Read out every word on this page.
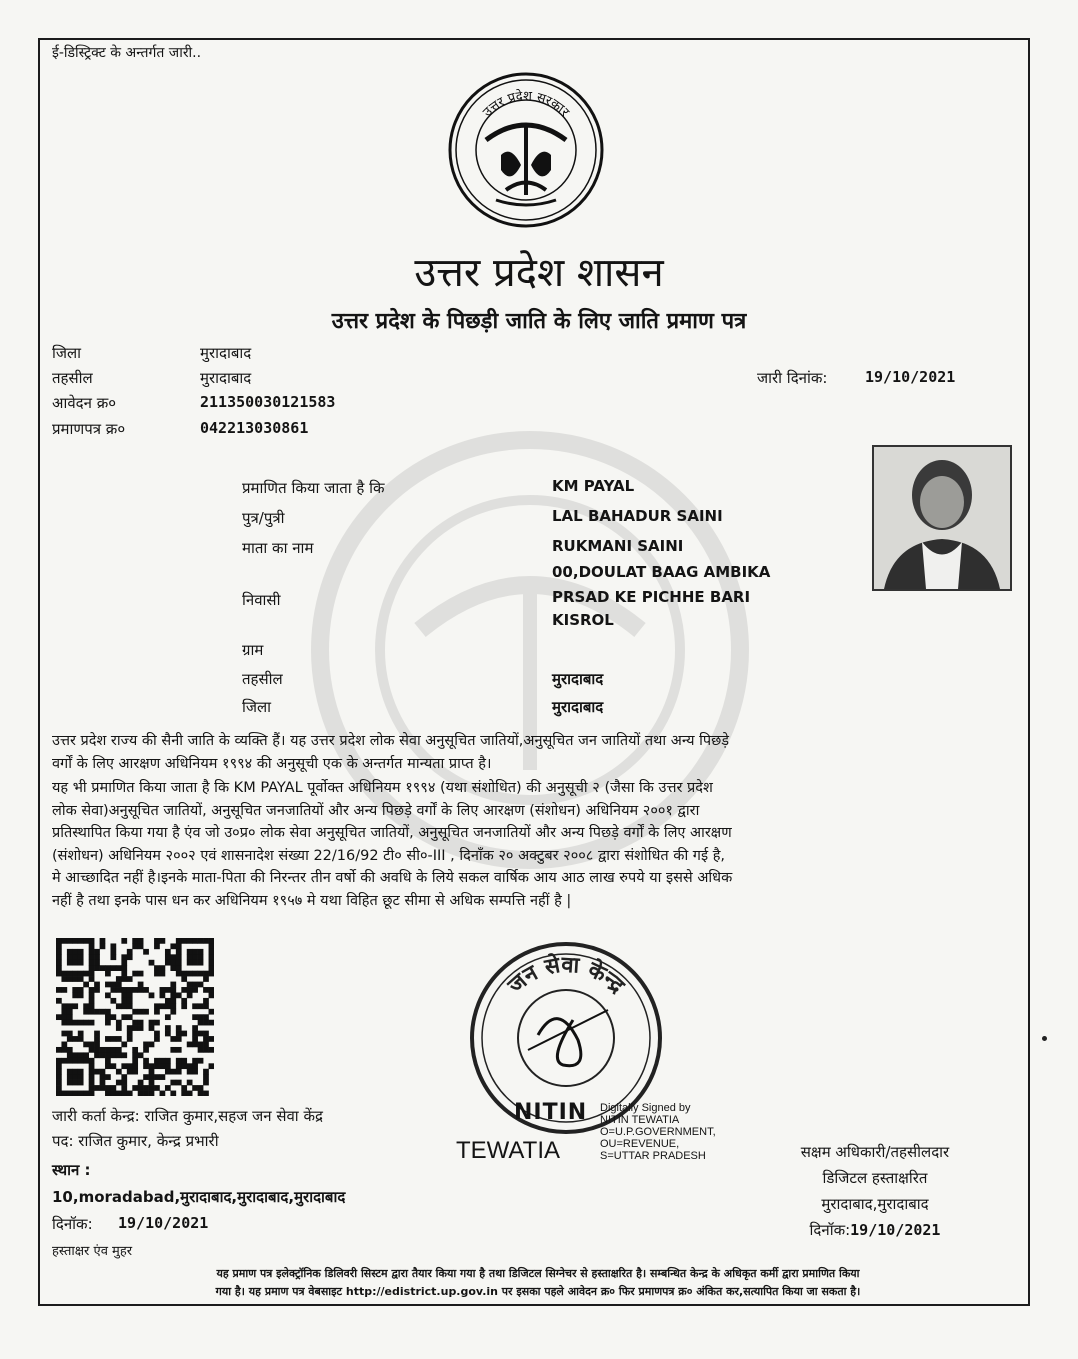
ई-डिस्ट्रिक्ट के अन्तर्गत जारी..
उत्तर प्रदेश सरकार
उत्तर प्रदेश शासन
उत्तर प्रदेश के पिछड़ी जाति के लिए जाति प्रमाण पत्र
जिला	मुरादाबाद
तहसील	मुरादाबाद
आवेदन क्र०	211350030121583
प्रमाणपत्र क्र०	042213030861
जारी दिनांक:	19/10/2021
प्रमाणित किया जाता है कि	KM PAYAL
पुत्र/पुत्री	LAL BAHADUR SAINI
माता का नाम	RUKMANI SAINI
00,DOULAT BAAG AMBIKA
निवासी	PRSAD KE PICHHE BARI
KISROL
ग्राम
तहसील	मुरादाबाद
जिला	मुरादाबाद
उत्तर प्रदेश राज्य की सैनी जाति के व्यक्ति हैं। यह उत्तर प्रदेश लोक सेवा अनुसूचित जातियों,अनुसूचित जन जातियों तथा अन्य पिछड़े
वर्गों के लिए आरक्षण अधिनियम १९९४ की अनुसूची एक के अन्तर्गत मान्यता प्राप्त है।
यह भी प्रमाणित किया जाता है कि KM PAYAL पूर्वोक्त अधिनियम १९९४ (यथा संशोधित) की अनुसूची २ (जैसा कि उत्तर प्रदेश
लोक सेवा)अनुसूचित जातियों, अनुसूचित जनजातियों और अन्य पिछड़े वर्गों के लिए आरक्षण (संशोधन) अधिनियम २००१ द्वारा
प्रतिस्थापित किया गया है एंव जो उ०प्र० लोक सेवा अनुसूचित जातियों, अनुसूचित जनजातियों और अन्य पिछड़े वर्गों के लिए आरक्षण
(संशोधन) अधिनियम २००२ एवं शासनादेश संख्या 22/16/92 टी० सी०-III , दिनाँक २० अक्टुबर २००८ द्वारा संशोधित की गई है,
मे आच्छादित नहीं है।इनके माता-पिता की निरन्तर तीन वर्षो की अवधि के लिये सकल वार्षिक आय आठ लाख रुपये या इससे अधिक
नहीं है तथा इनके पास धन कर अधिनियम १९५७ मे यथा विहित छूट सीमा से अधिक सम्पत्ति नहीं है |
जन सेवा केन्द्र
NITIN
TEWATIA
Digitally Signed by
NITIN TEWATIA
O=U.P.GOVERNMENT,
OU=REVENUE,
S=UTTAR PRADESH
जारी कर्ता केन्द्र: राजित कुमार,सहज जन सेवा केंद्र
पद: राजित कुमार, केन्द्र प्रभारी
स्थान :
10,moradabad,मुरादाबाद,मुरादाबाद,मुरादाबाद
दिनॉक: 19/10/2021
हस्ताक्षर एंव मुहर
सक्षम अधिकारी/तहसीलदार
डिजिटल हस्ताक्षरित
मुरादाबाद,मुरादाबाद
दिनॉक:19/10/2021
यह प्रमाण पत्र इलेक्ट्रॉनिक डिलिवरी सिस्टम द्वारा तैयार किया गया है तथा डिजिटल सिग्नेचर से हस्ताक्षरित है। सम्बन्धित केन्द्र के अधिकृत कर्मी द्वारा प्रमाणित किया
गया है। यह प्रमाण पत्र वेबसाइट http://edistrict.up.gov.in पर इसका पहले आवेदन क्र० फिर प्रमाणपत्र क्र० अंकित कर,सत्यापित किया जा सकता है।
